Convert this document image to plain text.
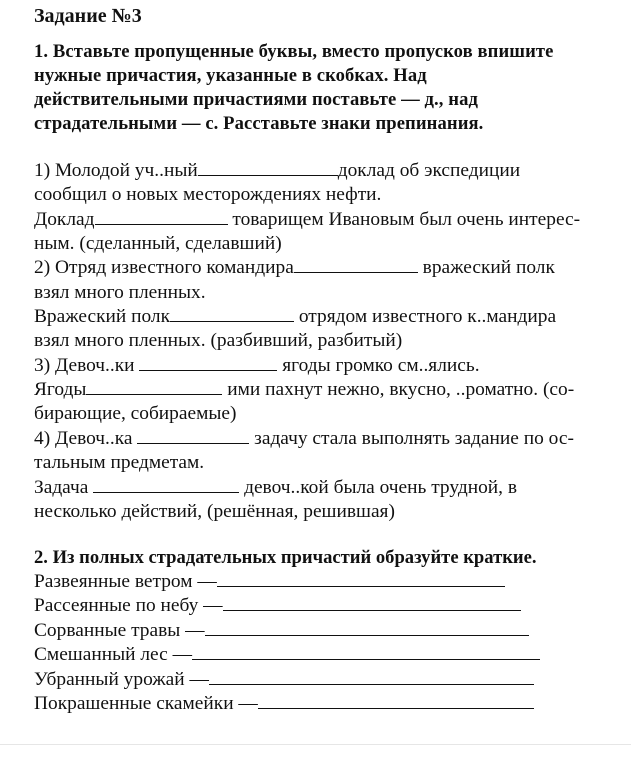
Задание №3
1. Вставьте пропущенные буквы, вместо пропусков впишите
нужные причастия, указанные в скобках. Над
действительными причастиями поставьте — д., над
страдательными — с. Расставьте знаки препинания.
1) Молодой уч..ный	доклад об экспедиции
сообщил о новых месторождениях нефти.
Доклад	товарищем Ивановым был очень интерес-
ным. (сделанный, сделавший)
2) Отряд известного командира	вражеский полк
взял много пленных.
Вражеский полк	отрядом известного к..мандира
взял много пленных. (разбивший, разбитый)
3) Девоч..ки	ягоды громко см..ялись.
Ягоды	ими пахнут нежно, вкусно, ..роматно. (со-
бирающие, собираемые)
4) Девоч..ка	задачу стала выполнять задание по ос-
тальным предметам.
Задача	девоч..кой была очень трудной, в
несколько действий, (решённая, решившая)
2. Из полных страдательных причастий образуйте краткие.
Развеянные ветром —
Рассеянные по небу —
Сорванные травы —
Смешанный лес —
Убранный урожай —
Покрашенные скамейки —
